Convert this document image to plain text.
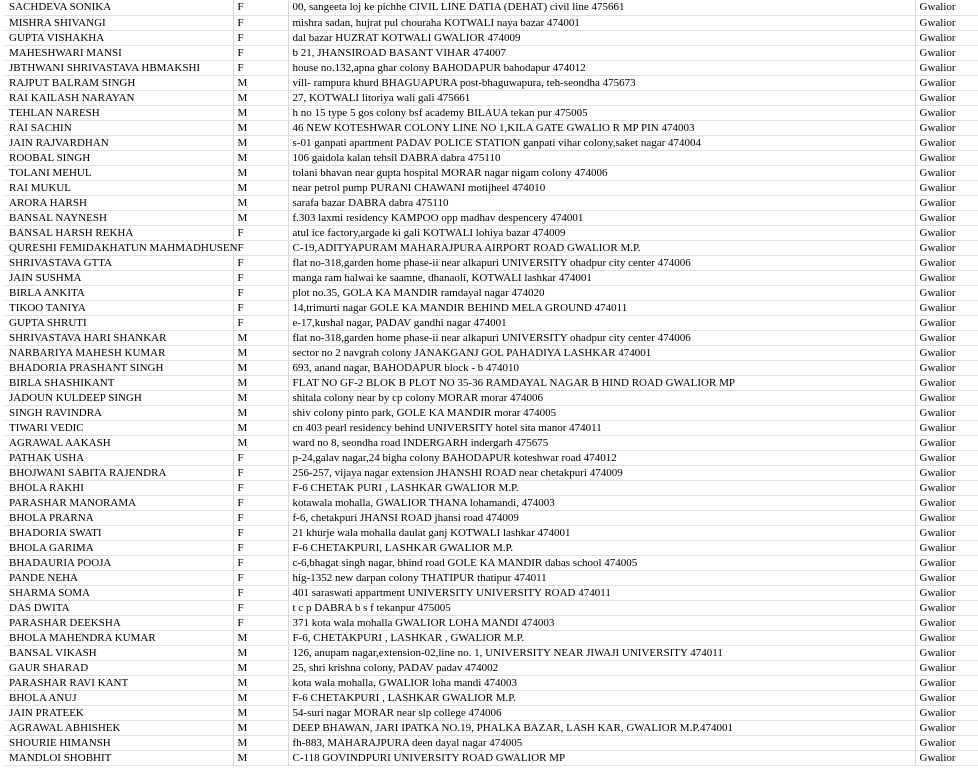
SACHDEVA SONIKA	F	00, sangeeta loj ke pichhe CIVIL LINE DATIA (DEHAT) civil line 475661	Gwalior
MISHRA SHIVANGI	F	mishra sadan, hujrat pul chouraha KOTWALI naya bazar 474001	Gwalior
GUPTA VISHAKHA	F	dal bazar HUZRAT KOTWALI GWALIOR 474009	Gwalior
MAHESHWARI MANSI	F	b 21, JHANSIROAD BASANT VIHAR 474007	Gwalior
JBTHWANI SHRIVASTAVA HBMAKSHI	F	house no.132,apna ghar colony BAHODAPUR bahodapur 474012	Gwalior
RAJPUT BALRAM SINGH	M	vill- rampura khurd BHAGUAPURA post-bhaguwapura, teh-seondha 475673	Gwalior
RAI KAILASH NARAYAN	M	27, KOTWALI litoriya wali gali 475661	Gwalior
TEHLAN NARESH	M	h no 15 type 5 gos colony bsf academy BILAUA tekan pur 475005	Gwalior
RAI SACHIN	M	46 NEW KOTESHWAR COLONY LINE NO 1,KILA GATE GWALIO R MP PIN 474003	Gwalior
JAIN RAJVARDHAN	M	s-01 ganpati apartment PADAV POLICE STATION ganpati vihar colony,saket nagar 474004	Gwalior
ROOBAL SINGH	M	106 gaidola kalan tehsil DABRA dabra 475110	Gwalior
TOLANI MEHUL	M	tolani bhavan near gupta hospital MORAR nagar nigam colony 474006	Gwalior
RAI MUKUL	M	near petrol pump PURANI CHAWANI motijheel 474010	Gwalior
ARORA HARSH	M	sarafa bazar DABRA dabra 475110	Gwalior
BANSAL NAYNESH	M	f.303 laxmi residency KAMPOO opp madhav despencery 474001	Gwalior
BANSAL HARSH REKHA	F	atul ice factory,argade ki gali KOTWALI lohiya bazar 474009	Gwalior
QURESHI FEMIDAKHATUN MAHMADHUSEN	F	C-19,ADITYAPURAM MAHARAJPURA AIRPORT ROAD GWALIOR M.P.	Gwalior
SHRIVASTAVA GTTA	F	flat no-318,garden home phase-ii near alkapuri UNIVERSITY ohadpur city center 474006	Gwalior
JAIN SUSHMA	F	manga ram halwai ke saamne, dhanaoli, KOTWALI lashkar 474001	Gwalior
BIRLA ANKITA	F	plot no.35, GOLA KA MANDIR ramdayal nagar 474020	Gwalior
TIKOO TANIYA	F	14,trimurti nagar GOLE KA MANDIR BEHIND MELA GROUND 474011	Gwalior
GUPTA SHRUTI	F	e-17,kushal nagar, PADAV gandhi nagar 474001	Gwalior
SHRIVASTAVA HARI SHANKAR	M	flat no-318,garden home phase-ii near alkapuri UNIVERSITY ohadpur city center 474006	Gwalior
NARBARIYA MAHESH KUMAR	M	sector no 2 navgrah colony JANAKGANJ GOL PAHADIYA LASHKAR 474001	Gwalior
BHADORIA PRASHANT SINGH	M	693, anand nagar, BAHODAPUR block - b 474010	Gwalior
BIRLA SHASHIKANT	M	FLAT NO GF-2 BLOK B PLOT NO 35-36 RAMDAYAL NAGAR B HIND ROAD GWALIOR MP	Gwalior
JADOUN KULDEEP SINGH	M	shitala colony near by cp colony MORAR morar 474006	Gwalior
SINGH RAVINDRA	M	shiv colony pinto park, GOLE KA MANDIR morar 474005	Gwalior
TIWARI VEDIC	M	cn 403 pearl residency behind UNIVERSITY hotel sita manor 474011	Gwalior
AGRAWAL AAKASH	M	ward no 8, seondha road INDERGARH indergarh 475675	Gwalior
PATHAK USHA	F	p-24,galav nagar,24 bigha colony BAHODAPUR koteshwar road 474012	Gwalior
BHOJWANI SABITA RAJENDRA	F	256-257, vijaya nagar extension JHANSHI ROAD near chetakpuri 474009	Gwalior
BHOLA RAKHI	F	F-6 CHETAK PURI , LASHKAR GWALIOR M.P.	Gwalior
PARASHAR MANORAMA	F	kotawala mohalla, GWALIOR THANA lohamandi, 474003	Gwalior
BHOLA PRARNA	F	f-6, chetakpuri JHANSI ROAD jhansi road 474009	Gwalior
BHADORIA SWATI	F	21 khurje wala mohalla daulat ganj KOTWALI lashkar 474001	Gwalior
BHOLA GARIMA	F	F-6 CHETAKPURI, LASHKAR GWALIOR M.P.	Gwalior
BHADAURIA POOJA	F	c-6,bhagat singh nagar, bhind road GOLE KA MANDIR dabas school 474005	Gwalior
PANDE NEHA	F	hig-1352 new darpan colony THATIPUR thatipur 474011	Gwalior
SHARMA SOMA	F	401 saraswati appartment UNIVERSITY UNIVERSITY ROAD 474011	Gwalior
DAS DWITA	F	t c p DABRA b s f tekanpur 475005	Gwalior
PARASHAR DEEKSHA	F	371 kota wala mohalla GWALIOR LOHA MANDI 474003	Gwalior
BHOLA MAHENDRA KUMAR	M	F-6, CHETAKPURI , LASHKAR , GWALIOR M.P.	Gwalior
BANSAL VIKASH	M	126, anupam nagar,extension-02,line no. 1, UNIVERSITY NEAR JIWAJI UNIVERSITY 474011	Gwalior
GAUR SHARAD	M	25, shri krishna colony, PADAV padav 474002	Gwalior
PARASHAR RAVI KANT	M	kota wala mohalla, GWALIOR loha mandi 474003	Gwalior
BHOLA ANUJ	M	F-6 CHETAKPURI , LASHKAR GWALIOR M.P.	Gwalior
JAIN PRATEEK	M	54-suri nagar MORAR near slp college 474006	Gwalior
AGRAWAL ABHISHEK	M	DEEP BHAWAN, JARI IPATKA NO.19, PHALKA BAZAR, LASH KAR, GWALIOR M.P.474001	Gwalior
SHOURIE HIMANSH	M	fh-883, MAHARAJPURA deen dayal nagar 474005	Gwalior
MANDLOI SHOBHIT	M	C-118 GOVINDPURI UNIVERSITY ROAD GWALIOR MP	Gwalior
